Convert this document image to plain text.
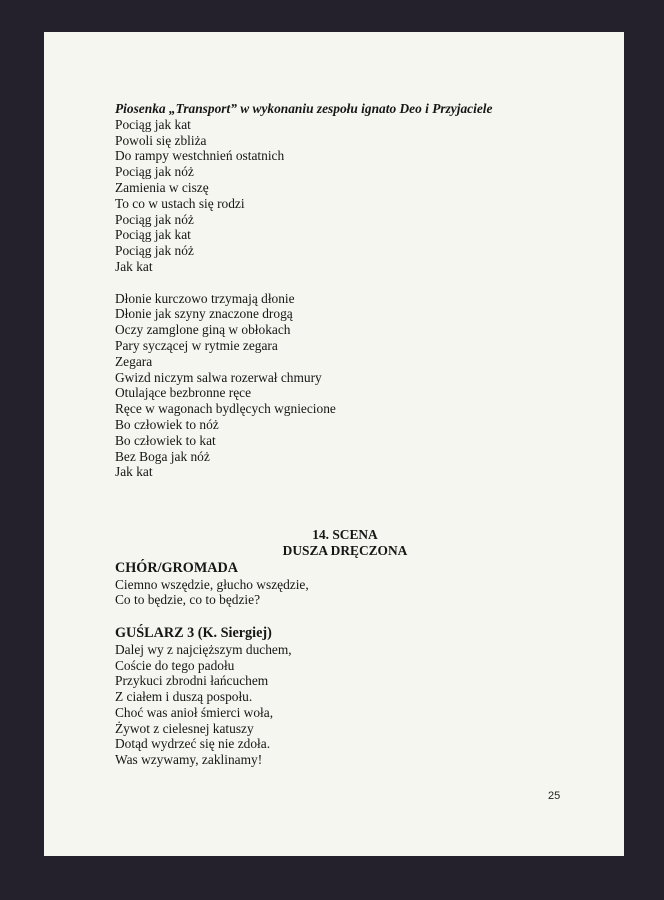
Piosenka „Transport” w wykonaniu zespołu ignato Deo i Przyjaciele
Pociąg jak kat
Powoli się zbliża
Do rampy westchnień ostatnich
Pociąg jak nóż
Zamienia w ciszę
To co w ustach się rodzi
Pociąg jak nóż
Pociąg jak kat
Pociąg jak nóż
Jak kat
Dłonie kurczowo trzymają dłonie
Dłonie jak szyny znaczone drogą
Oczy zamglone giną w obłokach
Pary syczącej w rytmie zegara
Zegara
Gwizd niczym salwa rozerwał chmury
Otulające bezbronne ręce
Ręce w wagonach bydlęcych wgniecione
Bo człowiek to nóż
Bo człowiek to kat
Bez Boga jak nóż
Jak kat
14. SCENA
DUSZA DRĘCZONA
CHÓR/GROMADA
Ciemno wszędzie, głucho wszędzie,
Co to będzie, co to będzie?
GUŚLARZ 3 (K. Siergiej)
Dalej wy z najcięższym duchem,
Coście do tego padołu
Przykuci zbrodni łańcuchem
Z ciałem i duszą pospołu.
Choć was anioł śmierci woła,
Żywot z cielesnej katuszy
Dotąd wydrzeć się nie zdoła.
Was wzywamy, zaklinamy!
25
